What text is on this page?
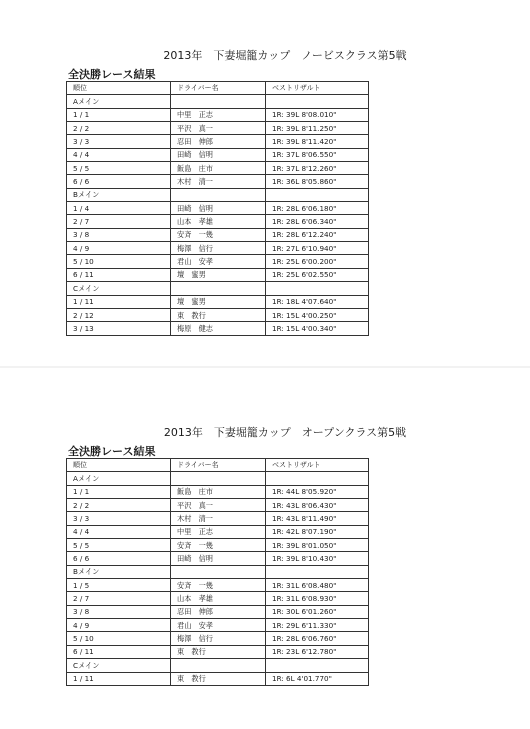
2013年　下妻堀籠カップ　ノービスクラス第5戦
全決勝レース結果
順位	ドライバー名	ベストリザルト
Aメイン		
1 / 1	中里　正志	1R: 39L 8'08.010"
2 / 2	平沢　真一	1R: 39L 8'11.250"
3 / 3	忍田　伸郎	1R: 39L 8'11.420"
4 / 4	田崎　信明	1R: 37L 8'06.550"
5 / 5	飯島　庄市	1R: 37L 8'12.260"
6 / 6	木村　清一	1R: 36L 8'05.860"
Bメイン		
1 / 4	田崎　信明	1R: 28L 6'06.180"
2 / 7	山本　孝雄	1R: 28L 6'06.340"
3 / 8	安斉　一幾	1R: 28L 6'12.240"
4 / 9	梅澤　信行	1R: 27L 6'10.940"
5 / 10	君山　安孝	1R: 25L 6'00.200"
6 / 11	壇　蜜男	1R: 25L 6'02.550"
Cメイン		
1 / 11	壇　蜜男	1R: 18L 4'07.640"
2 / 12	東　教行	1R: 15L 4'00.250"
3 / 13	梅原　健志	1R: 15L 4'00.340"
2013年　下妻堀籠カップ　オープンクラス第5戦
全決勝レース結果
順位	ドライバー名	ベストリザルト
Aメイン		
1 / 1	飯島　庄市	1R: 44L 8'05.920"
2 / 2	平沢　真一	1R: 43L 8'06.430"
3 / 3	木村　清一	1R: 43L 8'11.490"
4 / 4	中里　正志	1R: 42L 8'07.190"
5 / 5	安斉　一幾	1R: 39L 8'01.050"
6 / 6	田崎　信明	1R: 39L 8'10.430"
Bメイン		
1 / 5	安斉　一幾	1R: 31L 6'08.480"
2 / 7	山本　孝雄	1R: 31L 6'08.930"
3 / 8	忍田　伸郎	1R: 30L 6'01.260"
4 / 9	君山　安孝	1R: 29L 6'11.330"
5 / 10	梅澤　信行	1R: 28L 6'06.760"
6 / 11	東　教行	1R: 23L 6'12.780"
Cメイン		
1 / 11	東　教行	1R: 6L 4'01.770"
